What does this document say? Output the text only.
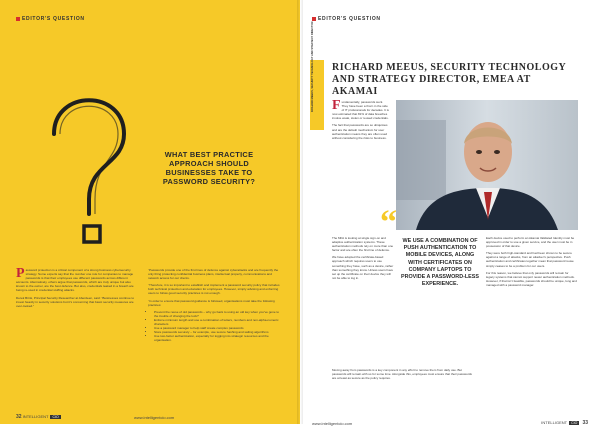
EDITOR'S QUESTION
WHAT BEST PRACTICE APPROACH SHOULD BUSINESSES TAKE TO PASSWORD SECURITY?

Password protection is a critical component of a strong business cybersecurity strategy. Some experts say that the number one rule for companies to manage passwords is that their employees use different passwords across different accounts. Alternatively, others argue that passwords, which are truly unique but also known to the owner, are the best defence. But also, credentials leaked in a breach are being re-used in credential stuffing attacks.

Derek Brink, Principal Security Researcher at Aberdeen, said: “Businesses continue to invest heavily in security solutions but it’s concerning that basic security measures are over-looked.”

“Passwords provide one of the first lines of defence against cyberattacks and are frequently the only thing protecting confidential business plans, intellectual property, communications and network access for our clients.

“Therefore, it is so important to establish and implement a password security policy that includes both technical protection and education for employees. However, simply advising and enforcing users to follow good security practices is not enough.

“In order to ensure that password guidance is followed, organisations must take the following practices:

• Prevent the reuse of old passwords – why go back to using an old key when you’ve gone to the trouble of changing the lock?
• Enforce minimum length and use a combination of letters, numbers and non-alpha-numeric characters
• Use a password manager to help staff create complex passwords
• Store passwords securely – for example, use secure hashing and salting algorithms
• Use two-factor authentication, especially for logging into strategic resources and the organisation.
32 INTELLIGENT CIO	www.intelligentcio.com
EDITOR'S QUESTION
RICHARD MEEUS, SECURITY TECHNOLOGY AND STRATEGY DIRECTOR RICHARD MEEUS, SECURITY TECHNOLOGY AND STRATEGY DIRECTOR, EMEA AT AKAMAI

Fundamentally, passwords suck. They have been a thorn in the side of IT professionals for decades. It is now estimated that 81% of data breaches involve weak, stolen or reused credentials.

The fact that passwords are so ubiquitous and are the default mechanism for user authentication means they are often used without considering the risks to business.

“	WE USE A COMBINATION OF PUSH AUTHENTICATION TO MOBILE DEVICES, ALONG WITH CERTIFICATES ON COMPANY LAPTOPS TO PROVIDE A PASSWORD-LESS EXPERIENCE.

The MFA is looking at single sign-on and adaptive authentication systems. These authentication methods rely on more than one factor and are often the first line of defence.

We have adopted the certificate-based approach which requires users to use something they have, such as a device, rather than something they know. Unless users have set up the certificate on their device they will not be able to log in.

Moving away from passwords is a key component in any effort to remove them from daily use. But passwords will remain with us for some time. Alongside this, employees must ensure that their passwords are at least as secure as the policy requires.

Each device used to perform an Akamai Validated Identity must be approved in order to use a given service, and the user must be in possession of that device.

They were both high-standard and had been shown to be secure against a range of attacks, from an attacker’s perspective. Push authentication and certificates together mean that password reuse simply ceases to be a problem for our users.

For this reason, we believe that only passwords will remain for legacy systems that cannot support newer authentication methods. However, if that isn’t feasible, passwords should be unique, long and managed with a password manager.

www.intelligentcio.com	INTELLIGENT CIO 33
